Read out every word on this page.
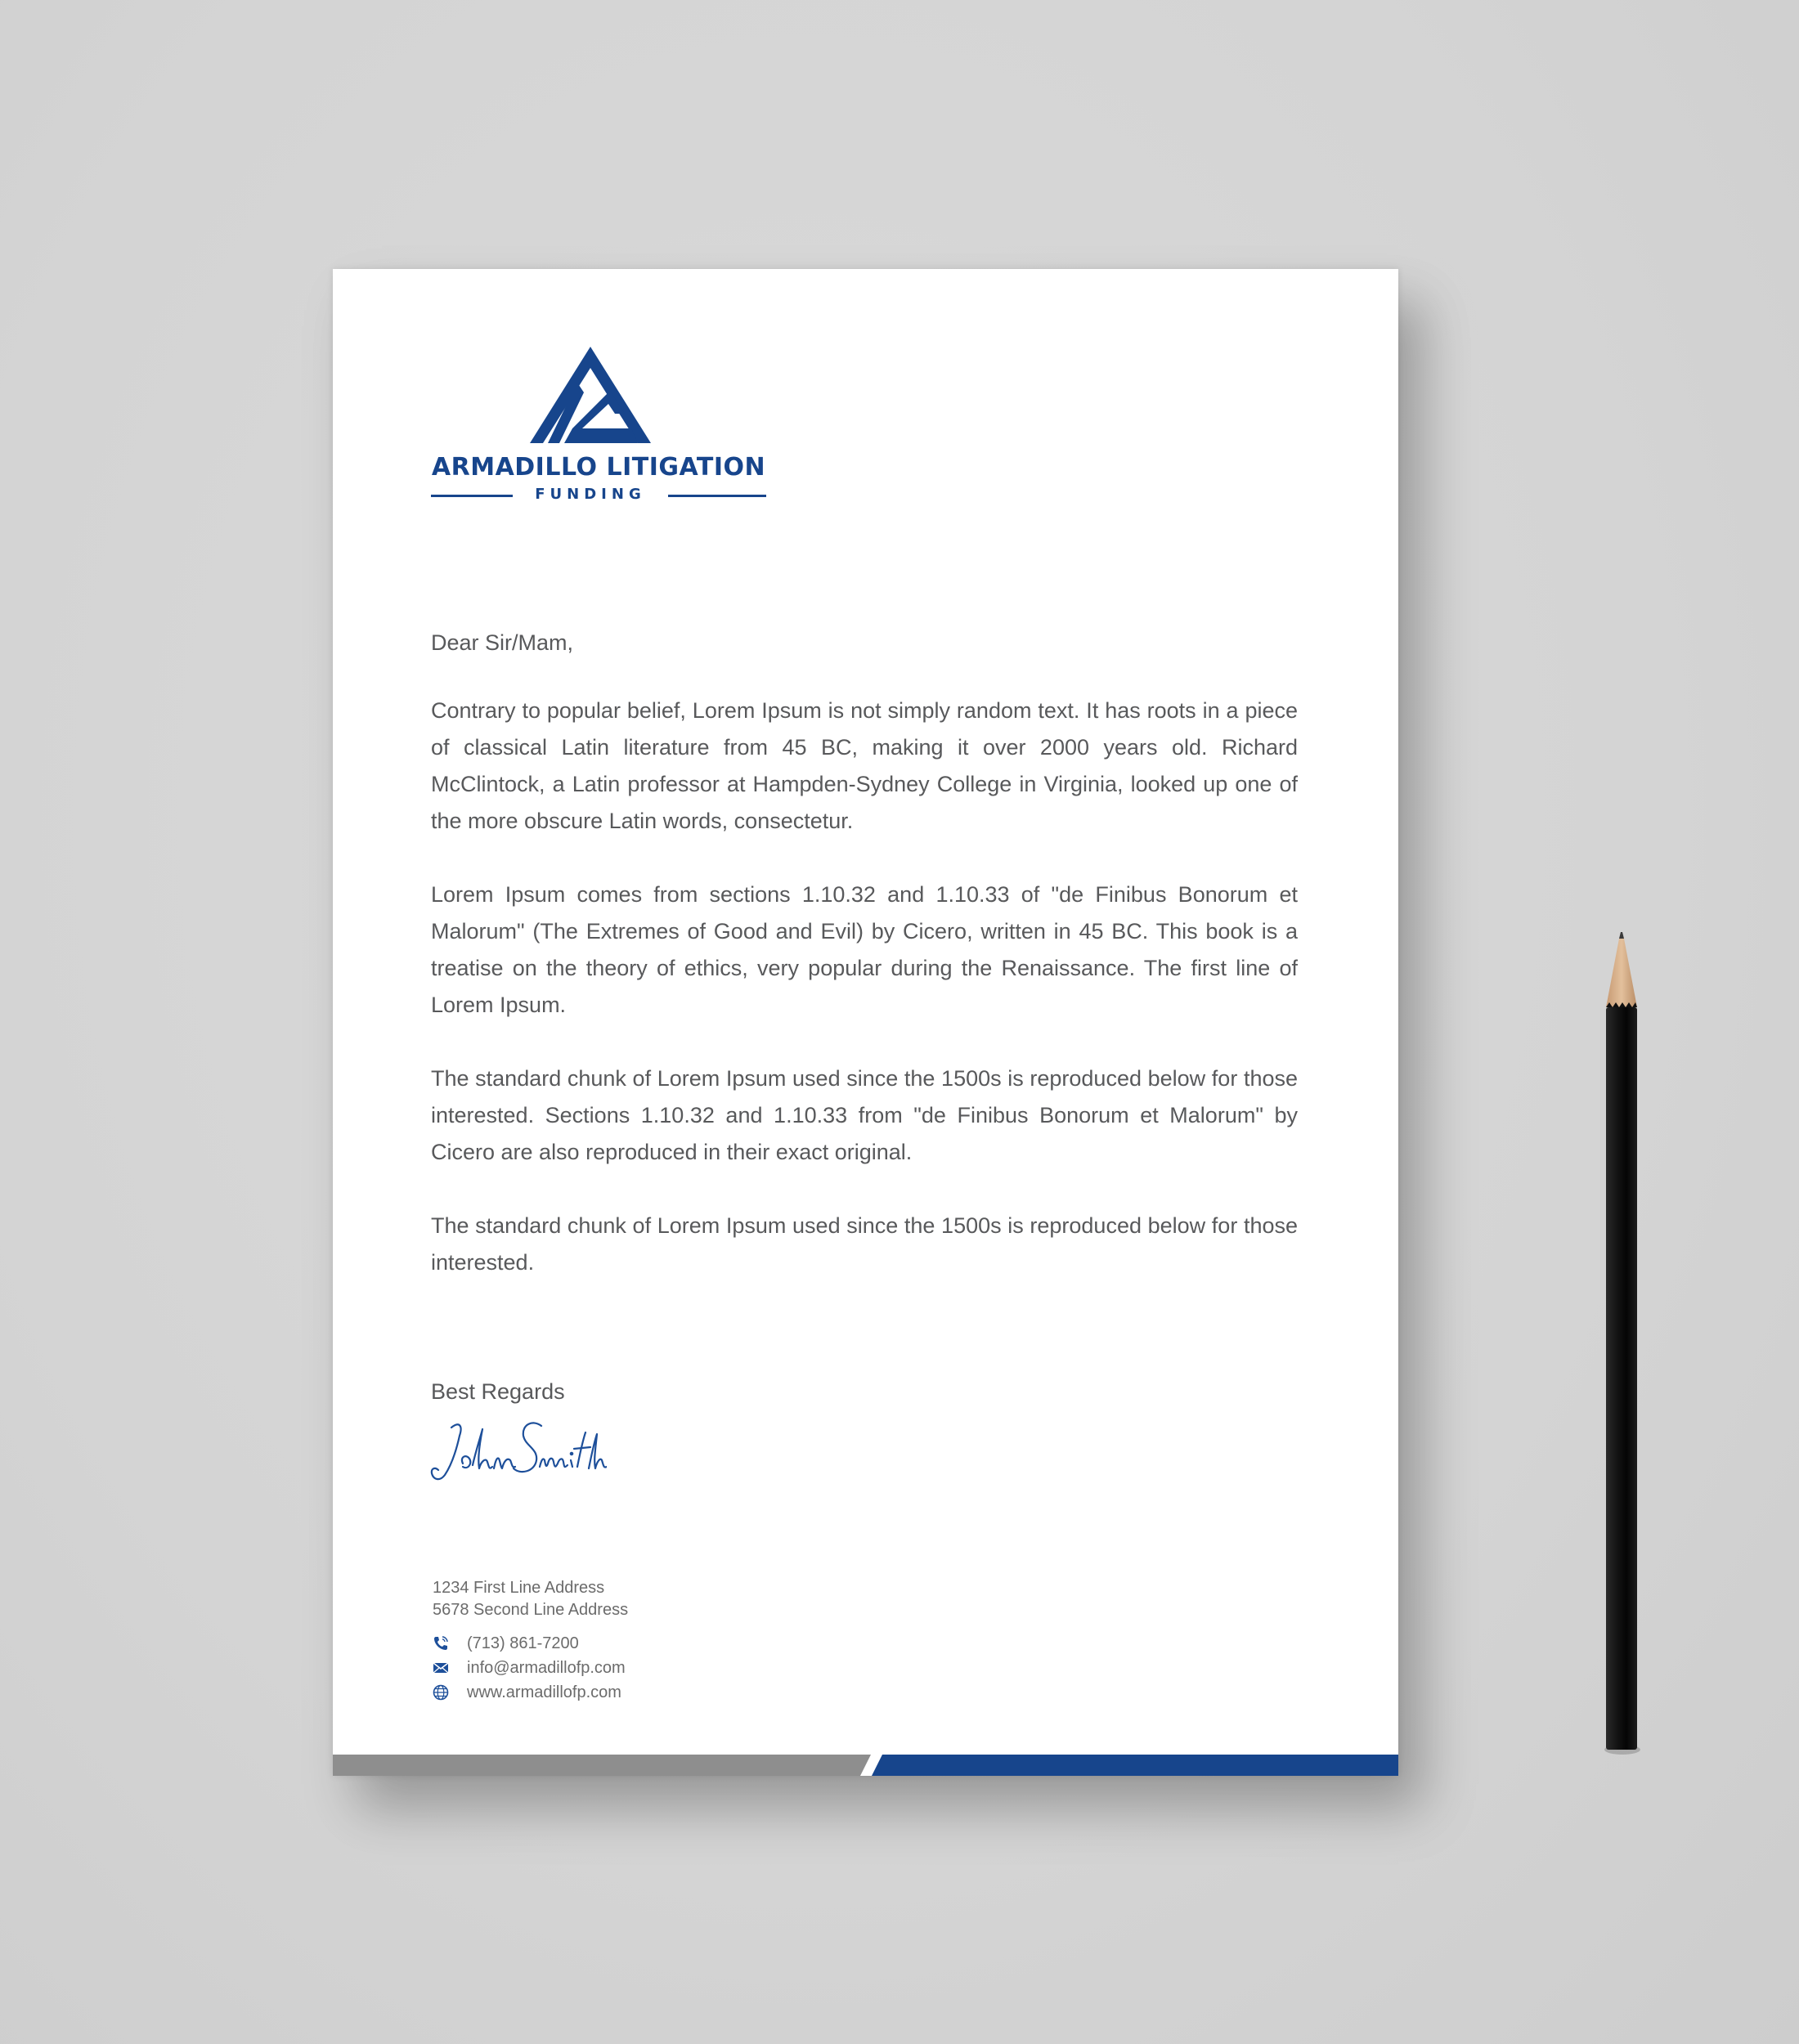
ARMADILLO LITIGATION
FUNDING

Dear Sir/Mam,

Contrary to popular belief, Lorem Ipsum is not simply random text. It has roots in a piece of classical Latin literature from 45 BC, making it over 2000 years old. Richard McClintock, a Latin professor at Hampden-Sydney College in Virginia, looked up one of the more obscure Latin words, consectetur.

Lorem Ipsum comes from sections 1.10.32 and 1.10.33 of "de Finibus Bonorum et Malorum" (The Extremes of Good and Evil) by Cicero, written in 45 BC. This book is a treatise on the theory of ethics, very popular during the Renaissance. The first line of Lorem Ipsum.

The standard chunk of Lorem Ipsum used since the 1500s is reproduced below for those interested. Sections 1.10.32 and 1.10.33 from "de Finibus Bonorum et Malorum" by Cicero are also reproduced in their exact original.

The standard chunk of Lorem Ipsum used since the 1500s is reproduced below for those interested.

Best Regards
1234 First Line Address
5678 Second Line Address
(713) 861-7200
info@armadillofp.com
www.armadillofp.com
